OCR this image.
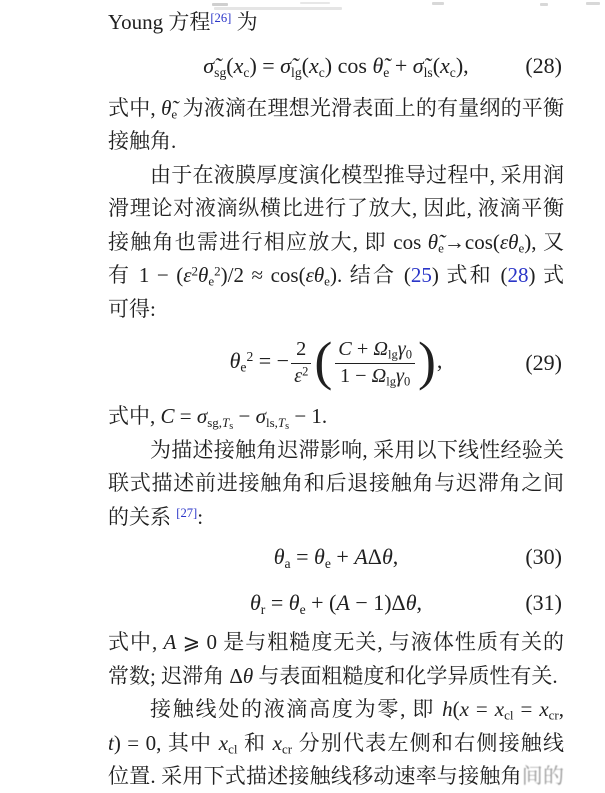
Young 方程[26] 为
$\sigmã_{sg}(x_c)$ = $\sigmã_{lg}(x_c)$ $\cos \thetã_e$ + $\sigmã_{ls}(x_c)$,	(28)
式中, $\thetã_e$ 为液滴在理想光滑表面上的有量纲的平衡
接触角.
由于在液膜厚度演化模型推导过程中, 采用润
滑理论对液滴纵横比进行了放大, 因此, 液滴平衡
接触角也需进行相应放大, 即 $\cos \thetã_e\to\cos(\varepsilon\theta_e)$, 又
有 $1 - (\varepsilon^2\theta_e^2)/2 \approx \cos(\varepsilon\theta_e)$. 结合 (25) 式和 (28) 式
可得:
$\theta_e^2$ = − $\frac{2}{\varepsilon^2}$ ( $\frac{C + \Omega_{lg}\gamma_0}{1 - \Omega_{lg}\gamma_0}$ ),	(29)
式中, $C = \sigma_{sg,T_s} - \sigma_{ls,T_s} - 1$.
为描述接触角迟滞影响, 采用以下线性经验关
联式描述前进接触角和后退接触角与迟滞角之间
的关系 [27]:
$\theta_a = \theta_e + A\Delta\theta$,	(30)
$\theta_r = \theta_e + (A - 1)\Delta\theta$,	(31)
式中, A ⩾ 0 是与粗糙度无关, 与液体性质有关的
常数; 迟滞角 Δθ 与表面粗糙度和化学异质性有关.
接触线处的液滴高度为零, 即 $h(x = x_{cl} = x_{cr}$,
t) = 0, 其中 $x_{cl}$ 和 $x_{cr}$ 分别代表左侧和右侧接触线
位置. 采用下式描述接触线移动速率与接触角间的
